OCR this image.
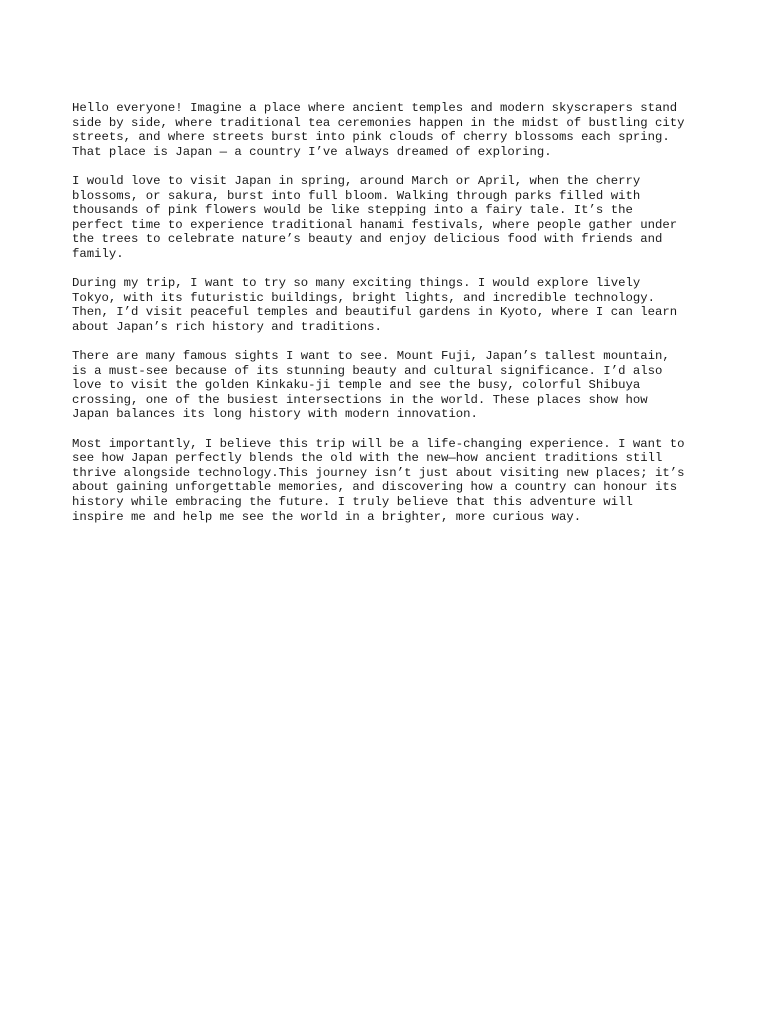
Hello everyone! Imagine a place where ancient temples and modern skyscrapers stand
side by side, where traditional tea ceremonies happen in the midst of bustling city
streets, and where streets burst into pink clouds of cherry blossoms each spring.
That place is Japan — a country I’ve always dreamed of exploring.

I would love to visit Japan in spring, around March or April, when the cherry
blossoms, or sakura, burst into full bloom. Walking through parks filled with
thousands of pink flowers would be like stepping into a fairy tale. It’s the
perfect time to experience traditional hanami festivals, where people gather under
the trees to celebrate nature’s beauty and enjoy delicious food with friends and
family.

During my trip, I want to try so many exciting things. I would explore lively
Tokyo, with its futuristic buildings, bright lights, and incredible technology.
Then, I’d visit peaceful temples and beautiful gardens in Kyoto, where I can learn
about Japan’s rich history and traditions.

There are many famous sights I want to see. Mount Fuji, Japan’s tallest mountain,
is a must-see because of its stunning beauty and cultural significance. I’d also
love to visit the golden Kinkaku-ji temple and see the busy, colorful Shibuya
crossing, one of the busiest intersections in the world. These places show how
Japan balances its long history with modern innovation.

Most importantly, I believe this trip will be a life-changing experience. I want to
see how Japan perfectly blends the old with the new—how ancient traditions still
thrive alongside technology.This journey isn’t just about visiting new places; it’s
about gaining unforgettable memories, and discovering how a country can honour its
history while embracing the future. I truly believe that this adventure will
inspire me and help me see the world in a brighter, more curious way.
